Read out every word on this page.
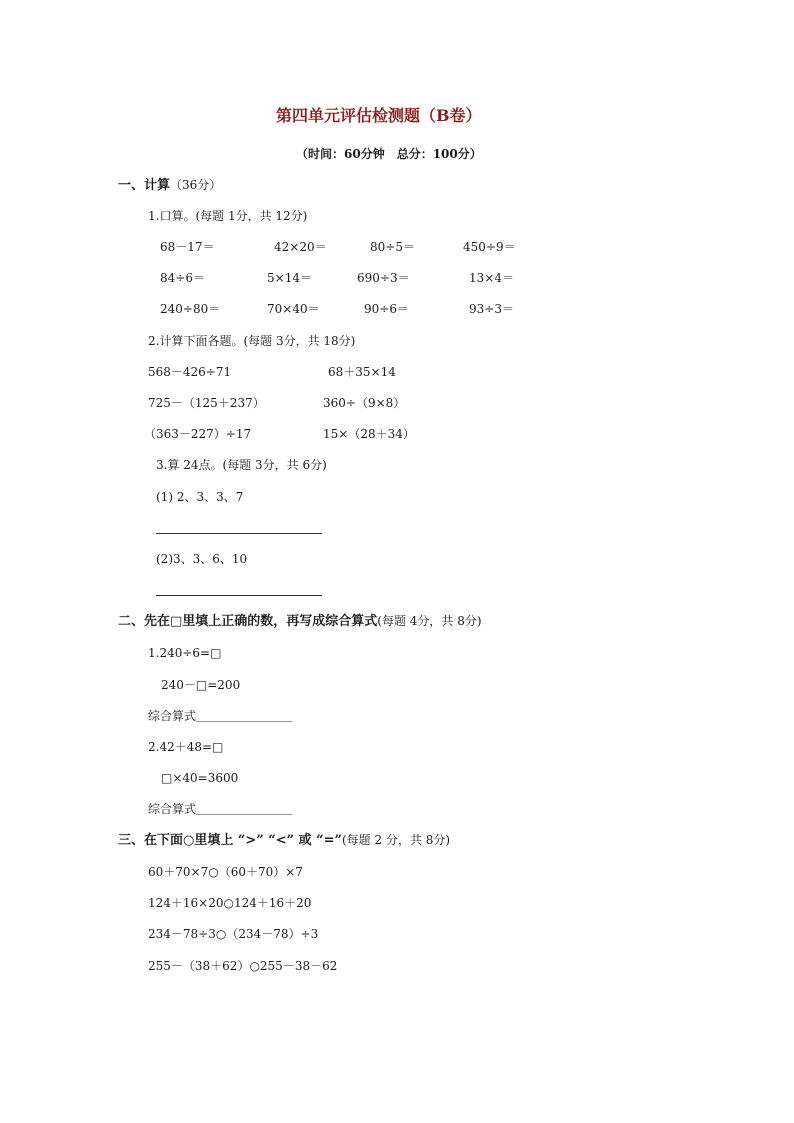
第四单元评估检测题（B卷）
（时间：60分钟　总分：100分）
一、计算（36分）
1.口算。(每题 1分，共 12分)
68－17＝	42×20＝	80÷5＝	450÷9＝
84÷6＝	5×14＝	690÷3＝	13×4＝
240÷80＝	70×40＝	90÷6＝	93÷3＝
2.计算下面各题。(每题 3分，共 18分)
568－426÷71	68＋35×14
725－（125＋237）	360÷（9×8）
（363－227）÷17	15×（28＋34）
3.算 24点。(每题 3分，共 6分)
(1) 2、3、3、7
(2)3、3、6、10
二、先在□里填上正确的数，再写成综合算式(每题 4分，共 8分)
1.240÷6=□
240－□=200
综合算式＿＿＿＿＿＿＿＿
2.42＋48=□
□×40=3600
综合算式＿＿＿＿＿＿＿＿
三、在下面○里填上 “>” “<” 或 “=”(每题 2 分，共 8分)
60＋70×7○（60＋70）×7
124＋16×20○124＋16＋20
234－78÷3○（234－78）÷3
255－（38＋62）○255－38－62
